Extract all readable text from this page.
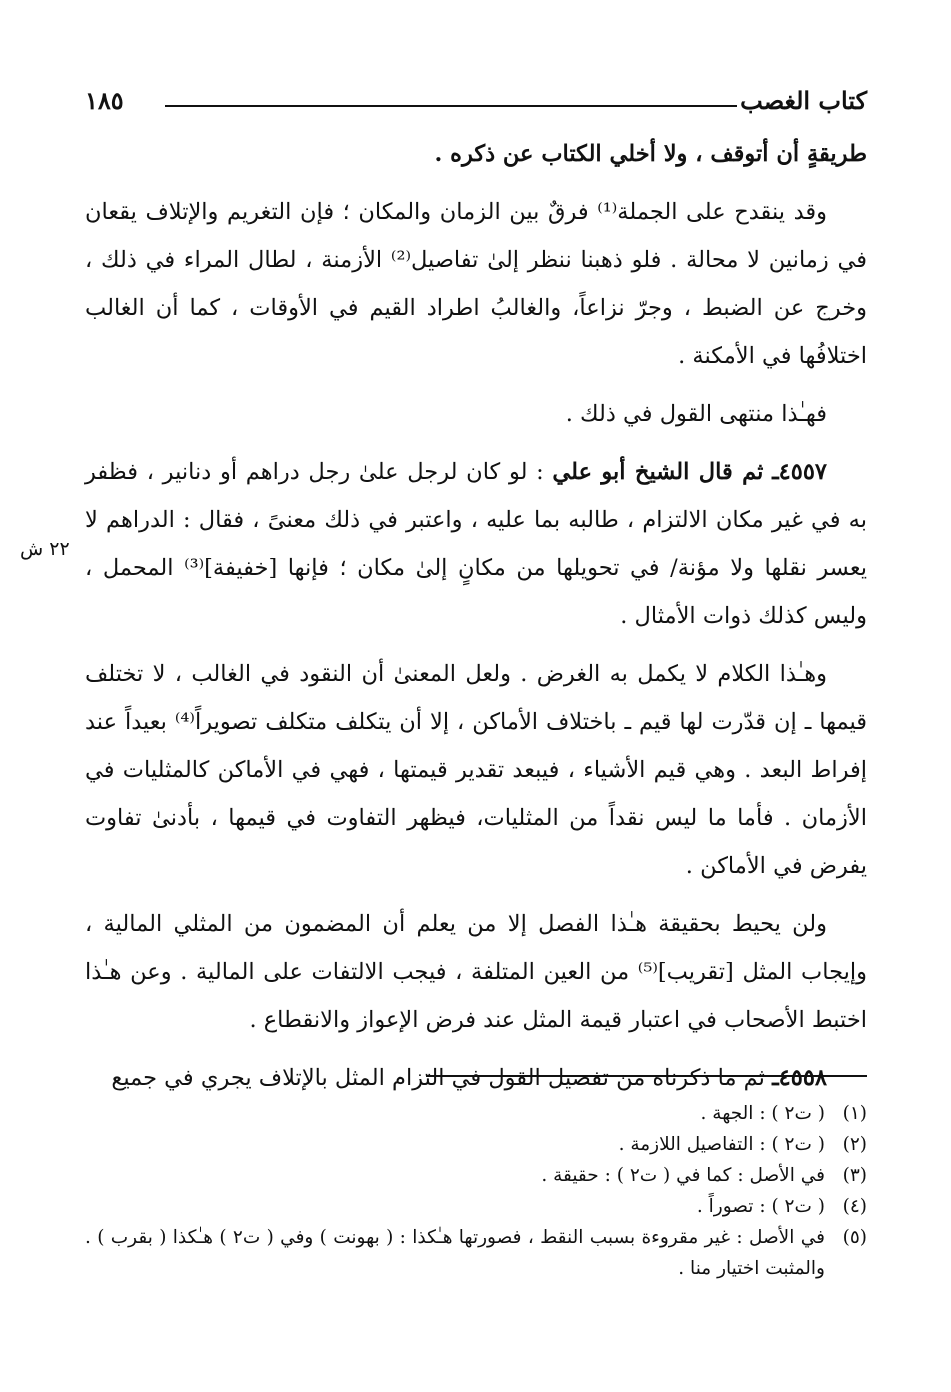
كتاب الغصب
١٨٥

طريقةٍ أن أتوقف ، ولا أخلي الكتاب عن ذكره .

وقد ينقدح على الجملة⁽¹⁾ فرقٌ بين الزمان والمكان ؛ فإن التغريم والإتلاف يقعان في زمانين لا محالة . فلو ذهبنا ننظر إلىٰ تفاصيل⁽²⁾ الأزمنة ، لطال المراء في ذلك ، وخرج عن الضبط ، وجرّ نزاعاً، والغالبُ اطراد القيم في الأوقات ، كما أن الغالب اختلافُها في الأمكنة .

فهـٰذا منتهى القول في ذلك .

٤٥٥٧ـ ثم قال الشيخ أبو علي : لو كان لرجل علىٰ رجل دراهم أو دنانير ، فظفر به في غير مكان الالتزام ، طالبه بما عليه ، واعتبر في ذلك معنىً ، فقال : الدراهم لا يعسر نقلها ولا مؤنة/ في تحويلها من مكانٍ إلىٰ مكان ؛ فإنها [خفيفة]⁽³⁾ المحمل ، وليس كذلك ذوات الأمثال .

وهـٰذا الكلام لا يكمل به الغرض . ولعل المعنىٰ أن النقود في الغالب ، لا تختلف قيمها ـ إن قدّرت لها قيم ـ باختلاف الأماكن ، إلا أن يتكلف متكلف تصويراً⁽⁴⁾ بعيداً عند إفراط البعد . وهي قيم الأشياء ، فيبعد تقدير قيمتها ، فهي في الأماكن كالمثليات في الأزمان . فأما ما ليس نقداً من المثليات، فيظهر التفاوت في قيمها ، بأدنىٰ تفاوت يفرض في الأماكن .

ولن يحيط بحقيقة هـٰذا الفصل إلا من يعلم أن المضمون من المثلي المالية ، وإيجاب المثل [تقريب]⁽⁵⁾ من العين المتلفة ، فيجب الالتفات على المالية . وعن هـٰذا اختبط الأصحاب في اعتبار قيمة المثل عند فرض الإعواز والانقطاع .

٤٥٥٨ـ ثم ما ذكرناه من تفصيل القول في التزام المثل بالإتلاف يجري في جميع

٢٢ ش
(١)
( ت٢ ) : الجهة .
(٢)
( ت٢ ) : التفاصيل اللازمة .
(٣)
في الأصل : كما في ( ت٢ ) : حقيقة .
(٤)
( ت٢ ) : تصوراً .
(٥)
في الأصل : غير مقروءة بسبب النقط ، فصورتها هـٰكذا : ( بهونت ) وفي ( ت٢ ) هـٰكذا ( بقرب ) . والمثبت اختيار منا .
